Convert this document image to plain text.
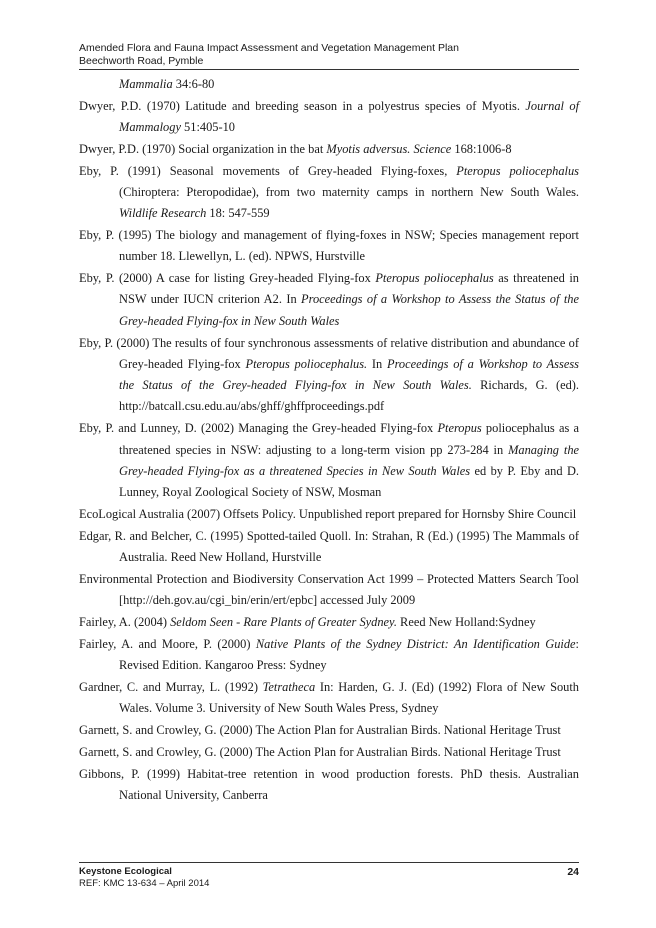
Amended Flora and Fauna Impact Assessment and Vegetation Management Plan
Beechworth Road, Pymble
Mammalia 34:6-80
Dwyer, P.D. (1970) Latitude and breeding season in a polyestrus species of Myotis. Journal of Mammalogy 51:405-10
Dwyer, P.D. (1970) Social organization in the bat Myotis adversus. Science 168:1006-8
Eby, P. (1991) Seasonal movements of Grey-headed Flying-foxes, Pteropus poliocephalus (Chiroptera: Pteropodidae), from two maternity camps in northern New South Wales. Wildlife Research 18: 547-559
Eby, P. (1995) The biology and management of flying-foxes in NSW; Species management report number 18. Llewellyn, L. (ed). NPWS, Hurstville
Eby, P. (2000) A case for listing Grey-headed Flying-fox Pteropus poliocephalus as threatened in NSW under IUCN criterion A2. In Proceedings of a Workshop to Assess the Status of the Grey-headed Flying-fox in New South Wales
Eby, P. (2000) The results of four synchronous assessments of relative distribution and abundance of Grey-headed Flying-fox Pteropus poliocephalus. In Proceedings of a Workshop to Assess the Status of the Grey-headed Flying-fox in New South Wales. Richards, G. (ed). http://batcall.csu.edu.au/abs/ghff/ghffproceedings.pdf
Eby, P. and Lunney, D. (2002) Managing the Grey-headed Flying-fox Pteropus poliocephalus as a threatened species in NSW: adjusting to a long-term vision pp 273-284 in Managing the Grey-headed Flying-fox as a threatened Species in New South Wales ed by P. Eby and D. Lunney, Royal Zoological Society of NSW, Mosman
EcoLogical Australia (2007) Offsets Policy. Unpublished report prepared for Hornsby Shire Council
Edgar, R. and Belcher, C. (1995) Spotted-tailed Quoll. In: Strahan, R (Ed.) (1995) The Mammals of Australia. Reed New Holland, Hurstville
Environmental Protection and Biodiversity Conservation Act 1999 – Protected Matters Search Tool [http://deh.gov.au/cgi_bin/erin/ert/epbc] accessed July 2009
Fairley, A. (2004) Seldom Seen - Rare Plants of Greater Sydney. Reed New Holland:Sydney
Fairley, A. and Moore, P. (2000) Native Plants of the Sydney District: An Identification Guide: Revised Edition. Kangaroo Press: Sydney
Gardner, C. and Murray, L. (1992) Tetratheca In: Harden, G. J. (Ed) (1992) Flora of New South Wales. Volume 3. University of New South Wales Press, Sydney
Garnett, S. and Crowley, G. (2000) The Action Plan for Australian Birds. National Heritage Trust
Garnett, S. and Crowley, G. (2000) The Action Plan for Australian Birds. National Heritage Trust
Gibbons, P. (1999) Habitat-tree retention in wood production forests. PhD thesis. Australian National University, Canberra
Keystone Ecological
REF: KMC 13-634 – April 2014
24
